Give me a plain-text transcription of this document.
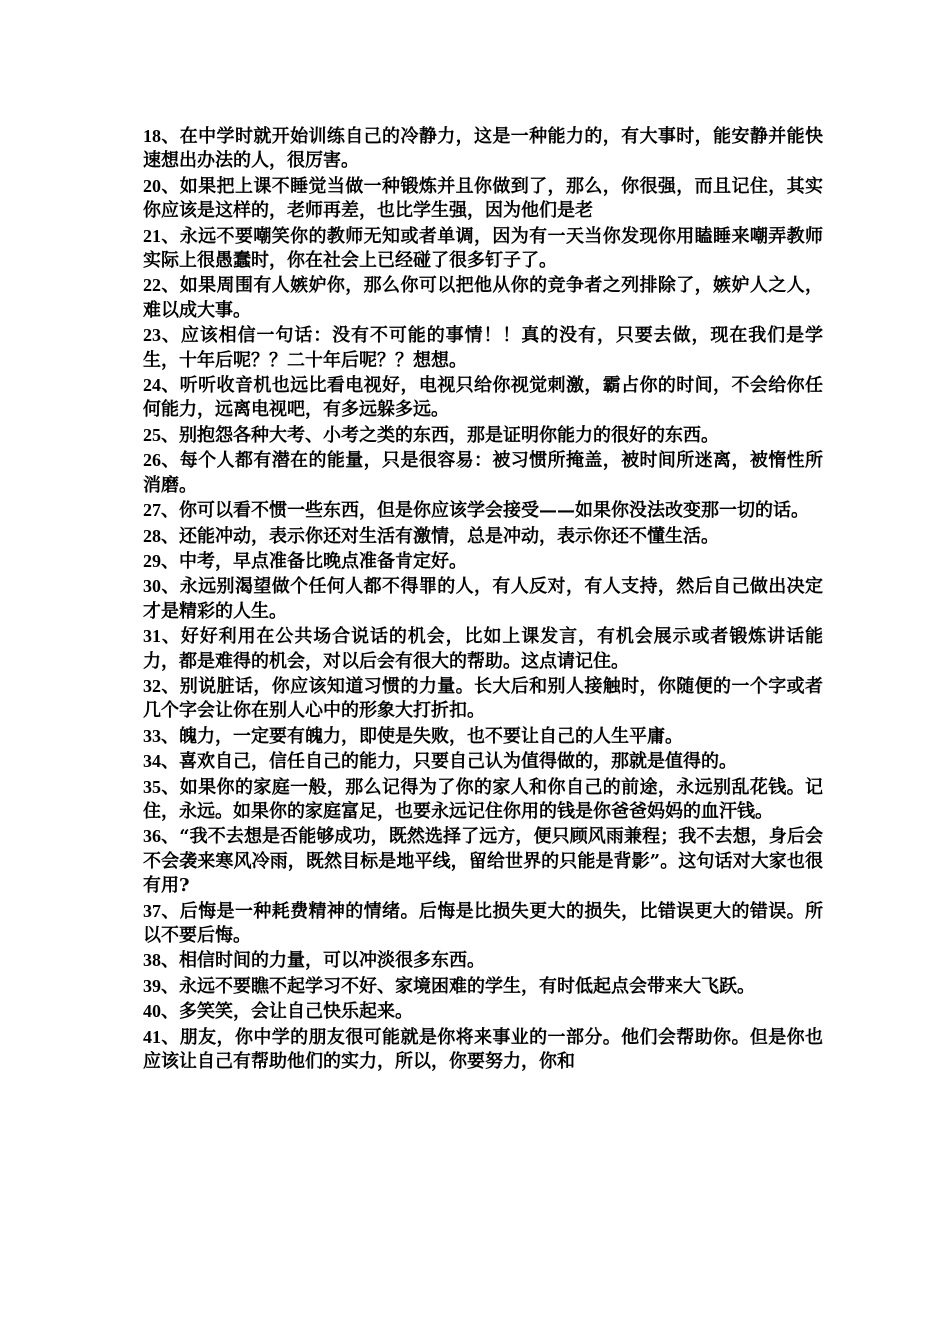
18、在中学时就开始训练自己的冷静力，这是一种能力的，有大事时，能安静并能快速想出办法的人，很厉害。

20、如果把上课不睡觉当做一种锻炼并且你做到了，那么，你很强，而且记住，其实你应该是这样的，老师再差，也比学生强，因为他们是老

21、永远不要嘲笑你的教师无知或者单调，因为有一天当你发现你用瞌睡来嘲弄教师实际上很愚蠢时，你在社会上已经碰了很多钉子了。

22、如果周围有人嫉妒你，那么你可以把他从你的竞争者之列排除了，嫉妒人之人，难以成大事。

23、应该相信一句话：没有不可能的事情！！真的没有，只要去做，现在我们是学生，十年后呢？？二十年后呢？？想想。

24、听听收音机也远比看电视好，电视只给你视觉刺激，霸占你的时间，不会给你任何能力，远离电视吧，有多远躲多远。

25、别抱怨各种大考、小考之类的东西，那是证明你能力的很好的东西。

26、每个人都有潜在的能量，只是很容易：被习惯所掩盖，被时间所迷离，被惰性所消磨。

27、你可以看不惯一些东西，但是你应该学会接受——如果你没法改变那一切的话。

28、还能冲动，表示你还对生活有激情，总是冲动，表示你还不懂生活。

29、中考，早点准备比晚点准备肯定好。

30、永远别渴望做个任何人都不得罪的人，有人反对，有人支持，然后自己做出决定才是精彩的人生。

31、好好利用在公共场合说话的机会，比如上课发言，有机会展示或者锻炼讲话能力，都是难得的机会，对以后会有很大的帮助。这点请记住。

32、别说脏话，你应该知道习惯的力量。长大后和别人接触时，你随便的一个字或者几个字会让你在别人心中的形象大打折扣。

33、魄力，一定要有魄力，即使是失败，也不要让自己的人生平庸。

34、喜欢自己，信任自己的能力，只要自己认为值得做的，那就是值得的。

35、如果你的家庭一般，那么记得为了你的家人和你自己的前途，永远别乱花钱。记住，永远。如果你的家庭富足，也要永远记住你用的钱是你爸爸妈妈的血汗钱。

36、“我不去想是否能够成功，既然选择了远方，便只顾风雨兼程；我不去想，身后会不会袭来寒风冷雨，既然目标是地平线，留给世界的只能是背影”。这句话对大家也很有用?

37、后悔是一种耗费精神的情绪。后悔是比损失更大的损失，比错误更大的错误。所以不要后悔。

38、相信时间的力量，可以冲淡很多东西。

39、永远不要瞧不起学习不好、家境困难的学生，有时低起点会带来大飞跃。

40、多笑笑，会让自己快乐起来。

41、朋友，你中学的朋友很可能就是你将来事业的一部分。他们会帮助你。但是你也应该让自己有帮助他们的实力，所以，你要努力，你和
